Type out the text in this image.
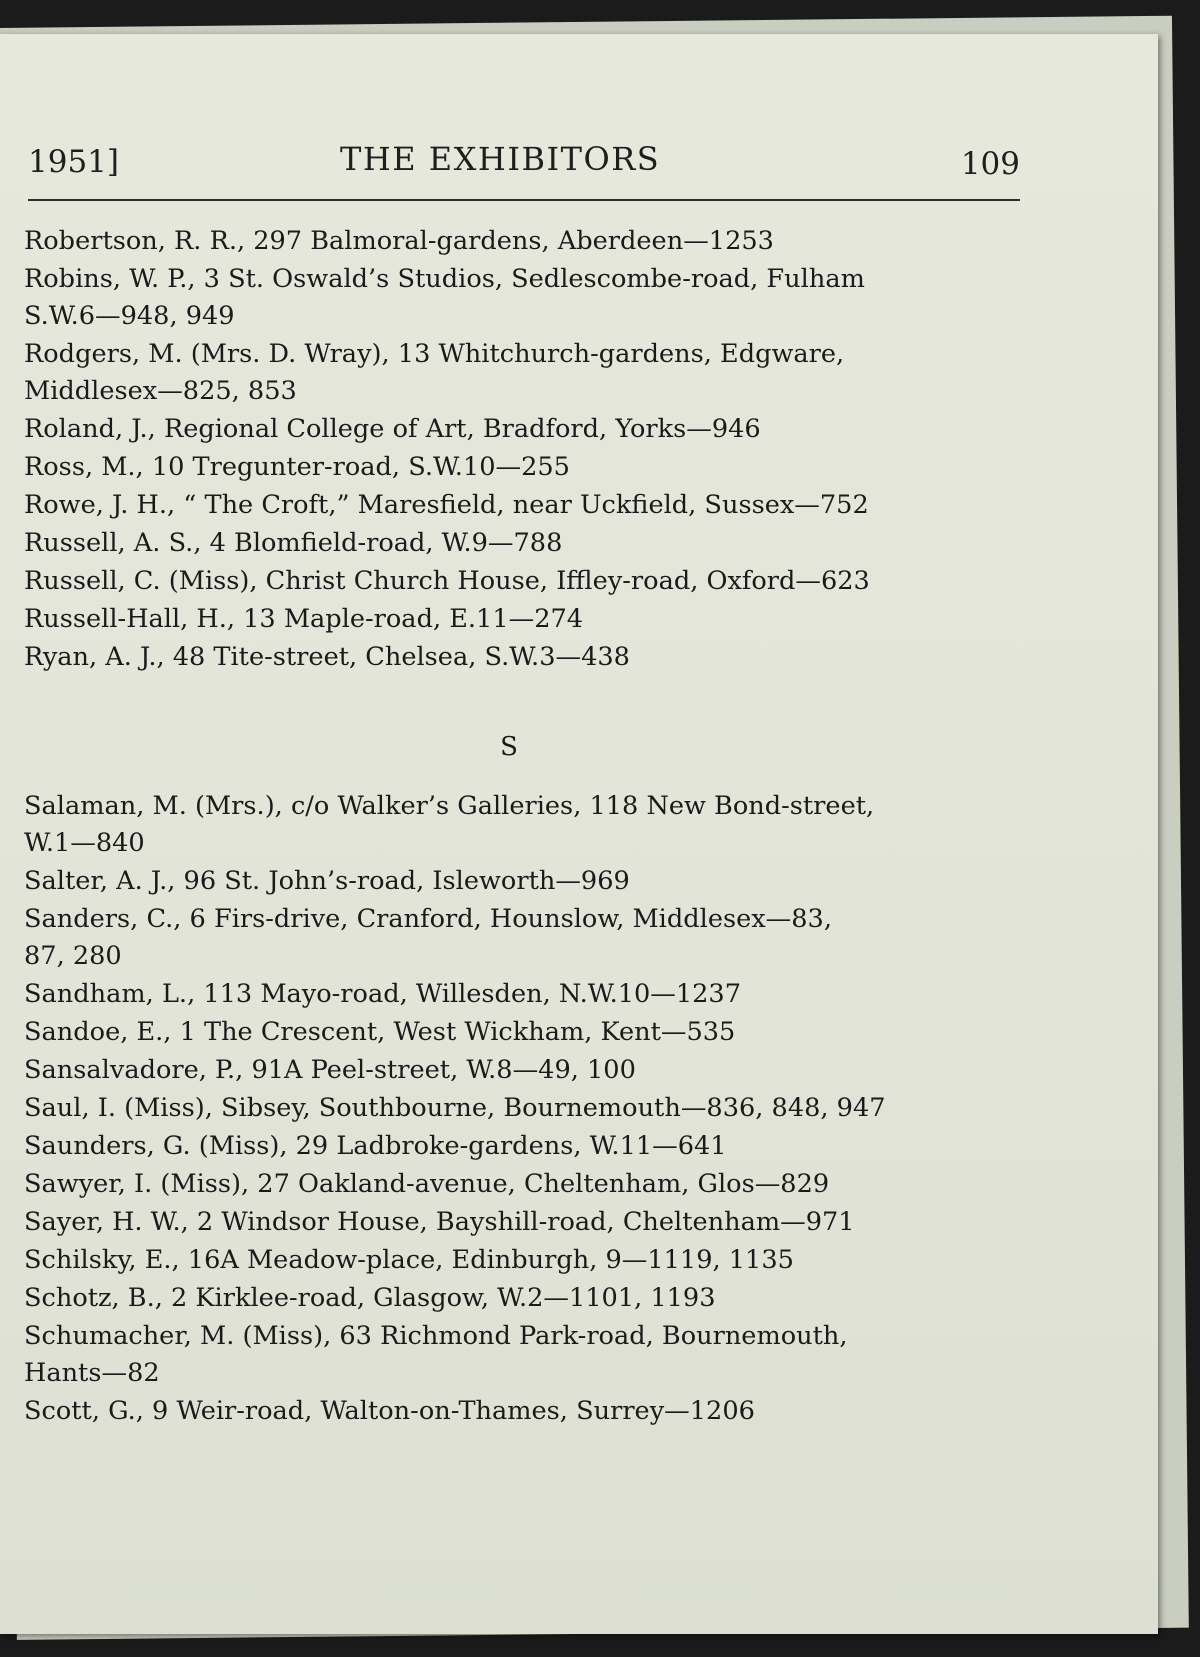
1951]	THE EXHIBITORS	109
Robertson, R. R., 297 Balmoral-gardens, Aberdeen—1253
Robins, W. P., 3 St. Oswald’s Studios, Sedlescombe-road, Fulham
S.W.6—948, 949
Rodgers, M. (Mrs. D. Wray), 13 Whitchurch-gardens, Edgware,
Middlesex—825, 853
Roland, J., Regional College of Art, Bradford, Yorks—946
Ross, M., 10 Tregunter-road, S.W.10—255
Rowe, J. H., “ The Croft,” Maresfield, near Uckfield, Sussex—752
Russell, A. S., 4 Blomfield-road, W.9—788
Russell, C. (Miss), Christ Church House, Iffley-road, Oxford—623
Russell-Hall, H., 13 Maple-road, E.11—274
Ryan, A. J., 48 Tite-street, Chelsea, S.W.3—438
S
Salaman, M. (Mrs.), c/o Walker’s Galleries, 118 New Bond-street,
W.1—840
Salter, A. J., 96 St. John’s-road, Isleworth—969
Sanders, C., 6 Firs-drive, Cranford, Hounslow, Middlesex—83,
87, 280
Sandham, L., 113 Mayo-road, Willesden, N.W.10—1237
Sandoe, E., 1 The Crescent, West Wickham, Kent—535
Sansalvadore, P., 91A Peel-street, W.8—49, 100
Saul, I. (Miss), Sibsey, Southbourne, Bournemouth—836, 848, 947
Saunders, G. (Miss), 29 Ladbroke-gardens, W.11—641
Sawyer, I. (Miss), 27 Oakland-avenue, Cheltenham, Glos—829
Sayer, H. W., 2 Windsor House, Bayshill-road, Cheltenham—971
Schilsky, E., 16A Meadow-place, Edinburgh, 9—1119, 1135
Schotz, B., 2 Kirklee-road, Glasgow, W.2—1101, 1193
Schumacher, M. (Miss), 63 Richmond Park-road, Bournemouth,
Hants—82
Scott, G., 9 Weir-road, Walton-on-Thames, Surrey—1206
